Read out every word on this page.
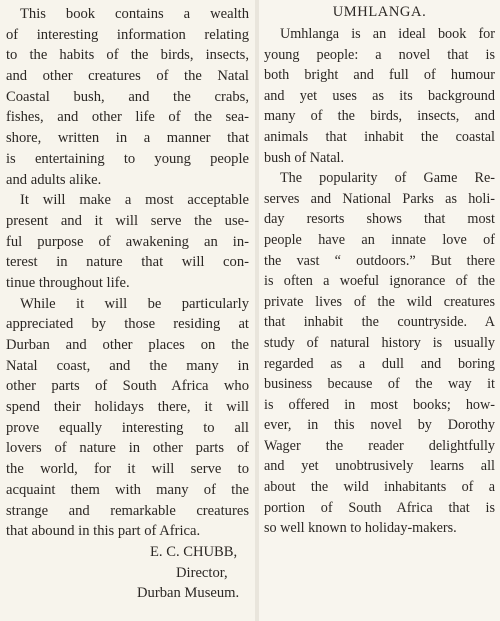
This book contains a wealth
of interesting information relating
to the habits of the birds, insects,
and other creatures of the Natal
Coastal bush, and the crabs,
fishes, and other life of the sea-
shore, written in a manner that
is entertaining to young people
and adults alike.
It will make a most acceptable
present and it will serve the use-
ful purpose of awakening an in-
terest in nature that will con-
tinue throughout life.
While it will be particularly
appreciated by those residing at
Durban and other places on the
Natal coast, and the many in
other parts of South Africa who
spend their holidays there, it will
prove equally interesting to all
lovers of nature in other parts of
the world, for it will serve to
acquaint them with many of the
strange and remarkable creatures
that abound in this part of Africa.
E. C. CHUBB,
Director,
Durban Museum.
UMHLANGA.
Umhlanga is an ideal book for
young people: a novel that is
both bright and full of humour
and yet uses as its background
many of the birds, insects, and
animals that inhabit the coastal
bush of Natal.
The popularity of Game Re-
serves and National Parks as holi-
day resorts shows that most
people have an innate love of
the vast “ outdoors.” But there
is often a woeful ignorance of the
private lives of the wild creatures
that inhabit the countryside. A
study of natural history is usually
regarded as a dull and boring
business because of the way it
is offered in most books; how-
ever, in this novel by Dorothy
Wager the reader delightfully
and yet unobtrusively learns all
about the wild inhabitants of a
portion of South Africa that is
so well known to holiday-makers.
